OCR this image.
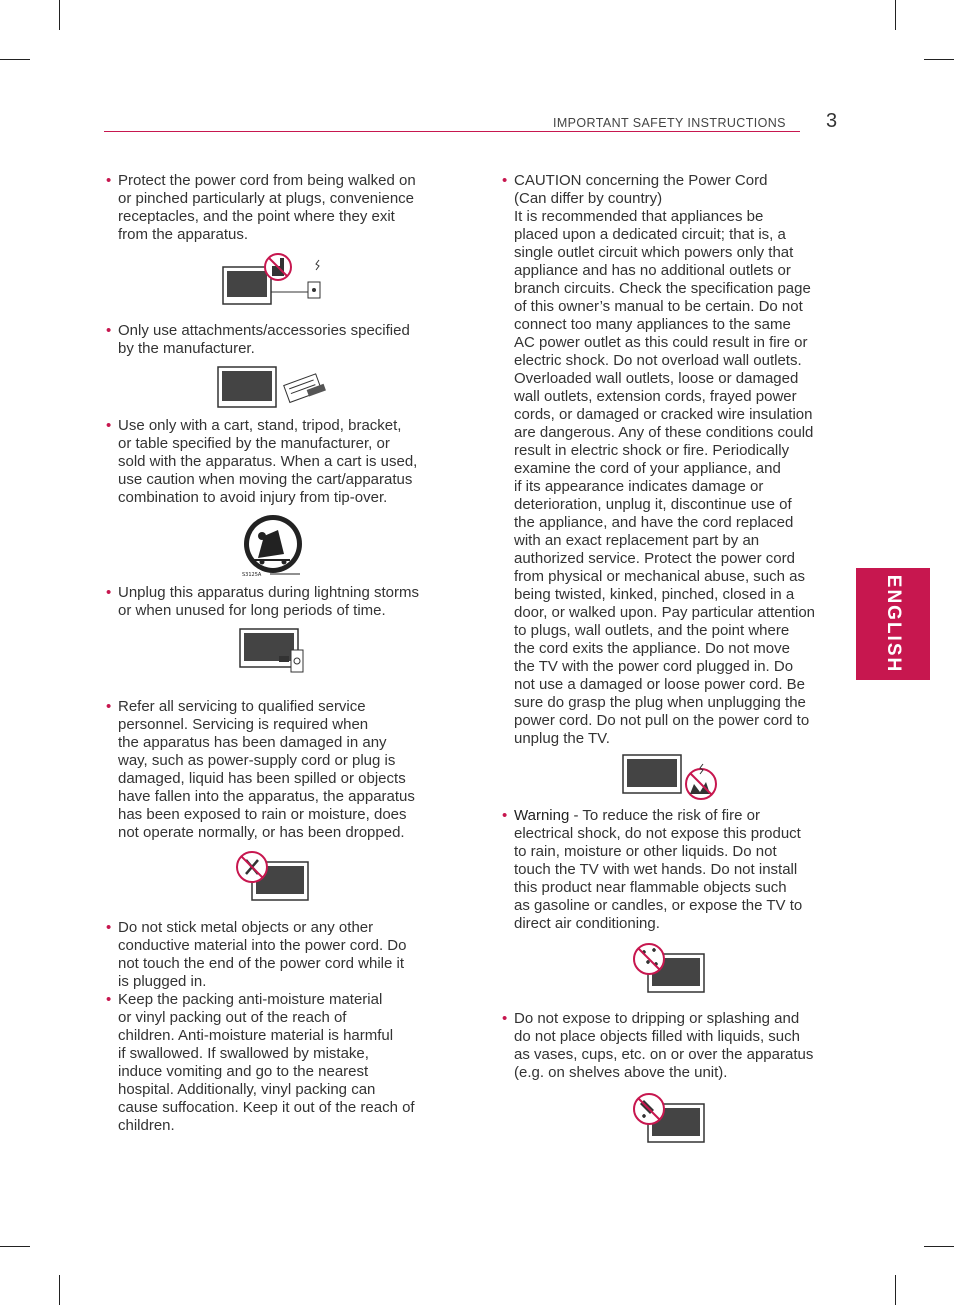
IMPORTANT SAFETY INSTRUCTIONS 3
ENGLISH
• Protect the power cord from being walked on
or pinched particularly at plugs, convenience
receptacles, and the point where they exit
from the apparatus.

• Only use attachments/accessories specified
by the manufacturer.

• Use only with a cart, stand, tripod, bracket,
or table specified by the manufacturer, or
sold with the apparatus. When a cart is used,
use caution when moving the cart/apparatus
combination to avoid injury from tip-over.

S3125A
• Unplug this apparatus during lightning storms
or when unused for long periods of time.

• Refer all servicing to qualified service
personnel. Servicing is required when
the apparatus has been damaged in any
way, such as power-supply cord or plug is
damaged, liquid has been spilled or objects
have fallen into the apparatus, the apparatus
has been exposed to rain or moisture, does
not operate normally, or has been dropped.

• Do not stick metal objects or any other
conductive material into the power cord. Do
not touch the end of the power cord while it
is plugged in.

• Keep the packing anti-moisture material
or vinyl packing out of the reach of
children. Anti-moisture material is harmful
if swallowed. If swallowed by mistake,
induce vomiting and go to the nearest
hospital. Additionally, vinyl packing can
cause suffocation. Keep it out of the reach of
children.

• CAUTION concerning the Power Cord
(Can differ by country)
It is recommended that appliances be
placed upon a dedicated circuit; that is, a
single outlet circuit which powers only that
appliance and has no additional outlets or
branch circuits. Check the specification page
of this owner’s manual to be certain. Do not
connect too many appliances to the same
AC power outlet as this could result in fire or
electric shock. Do not overload wall outlets.
Overloaded wall outlets, loose or damaged
wall outlets, extension cords, frayed power
cords, or damaged or cracked wire insulation
are dangerous. Any of these conditions could
result in electric shock or fire. Periodically
examine the cord of your appliance, and
if its appearance indicates damage or
deterioration, unplug it, discontinue use of
the appliance, and have the cord replaced
with an exact replacement part by an
authorized service. Protect the power cord
from physical or mechanical abuse, such as
being twisted, kinked, pinched, closed in a
door, or walked upon. Pay particular attention
to plugs, wall outlets, and the point where
the cord exits the appliance. Do not move
the TV with the power cord plugged in. Do
not use a damaged or loose power cord. Be
sure do grasp the plug when unplugging the
power cord. Do not pull on the power cord to
unplug the TV.

• Warning - To reduce the risk of fire or
electrical shock, do not expose this product
to rain, moisture or other liquids. Do not
touch the TV with wet hands. Do not install
this product near flammable objects such
as gasoline or candles, or expose the TV to
direct air conditioning.

• Do not expose to dripping or splashing and
do not place objects filled with liquids, such
as vases, cups, etc. on or over the apparatus
(e.g. on shelves above the unit).
